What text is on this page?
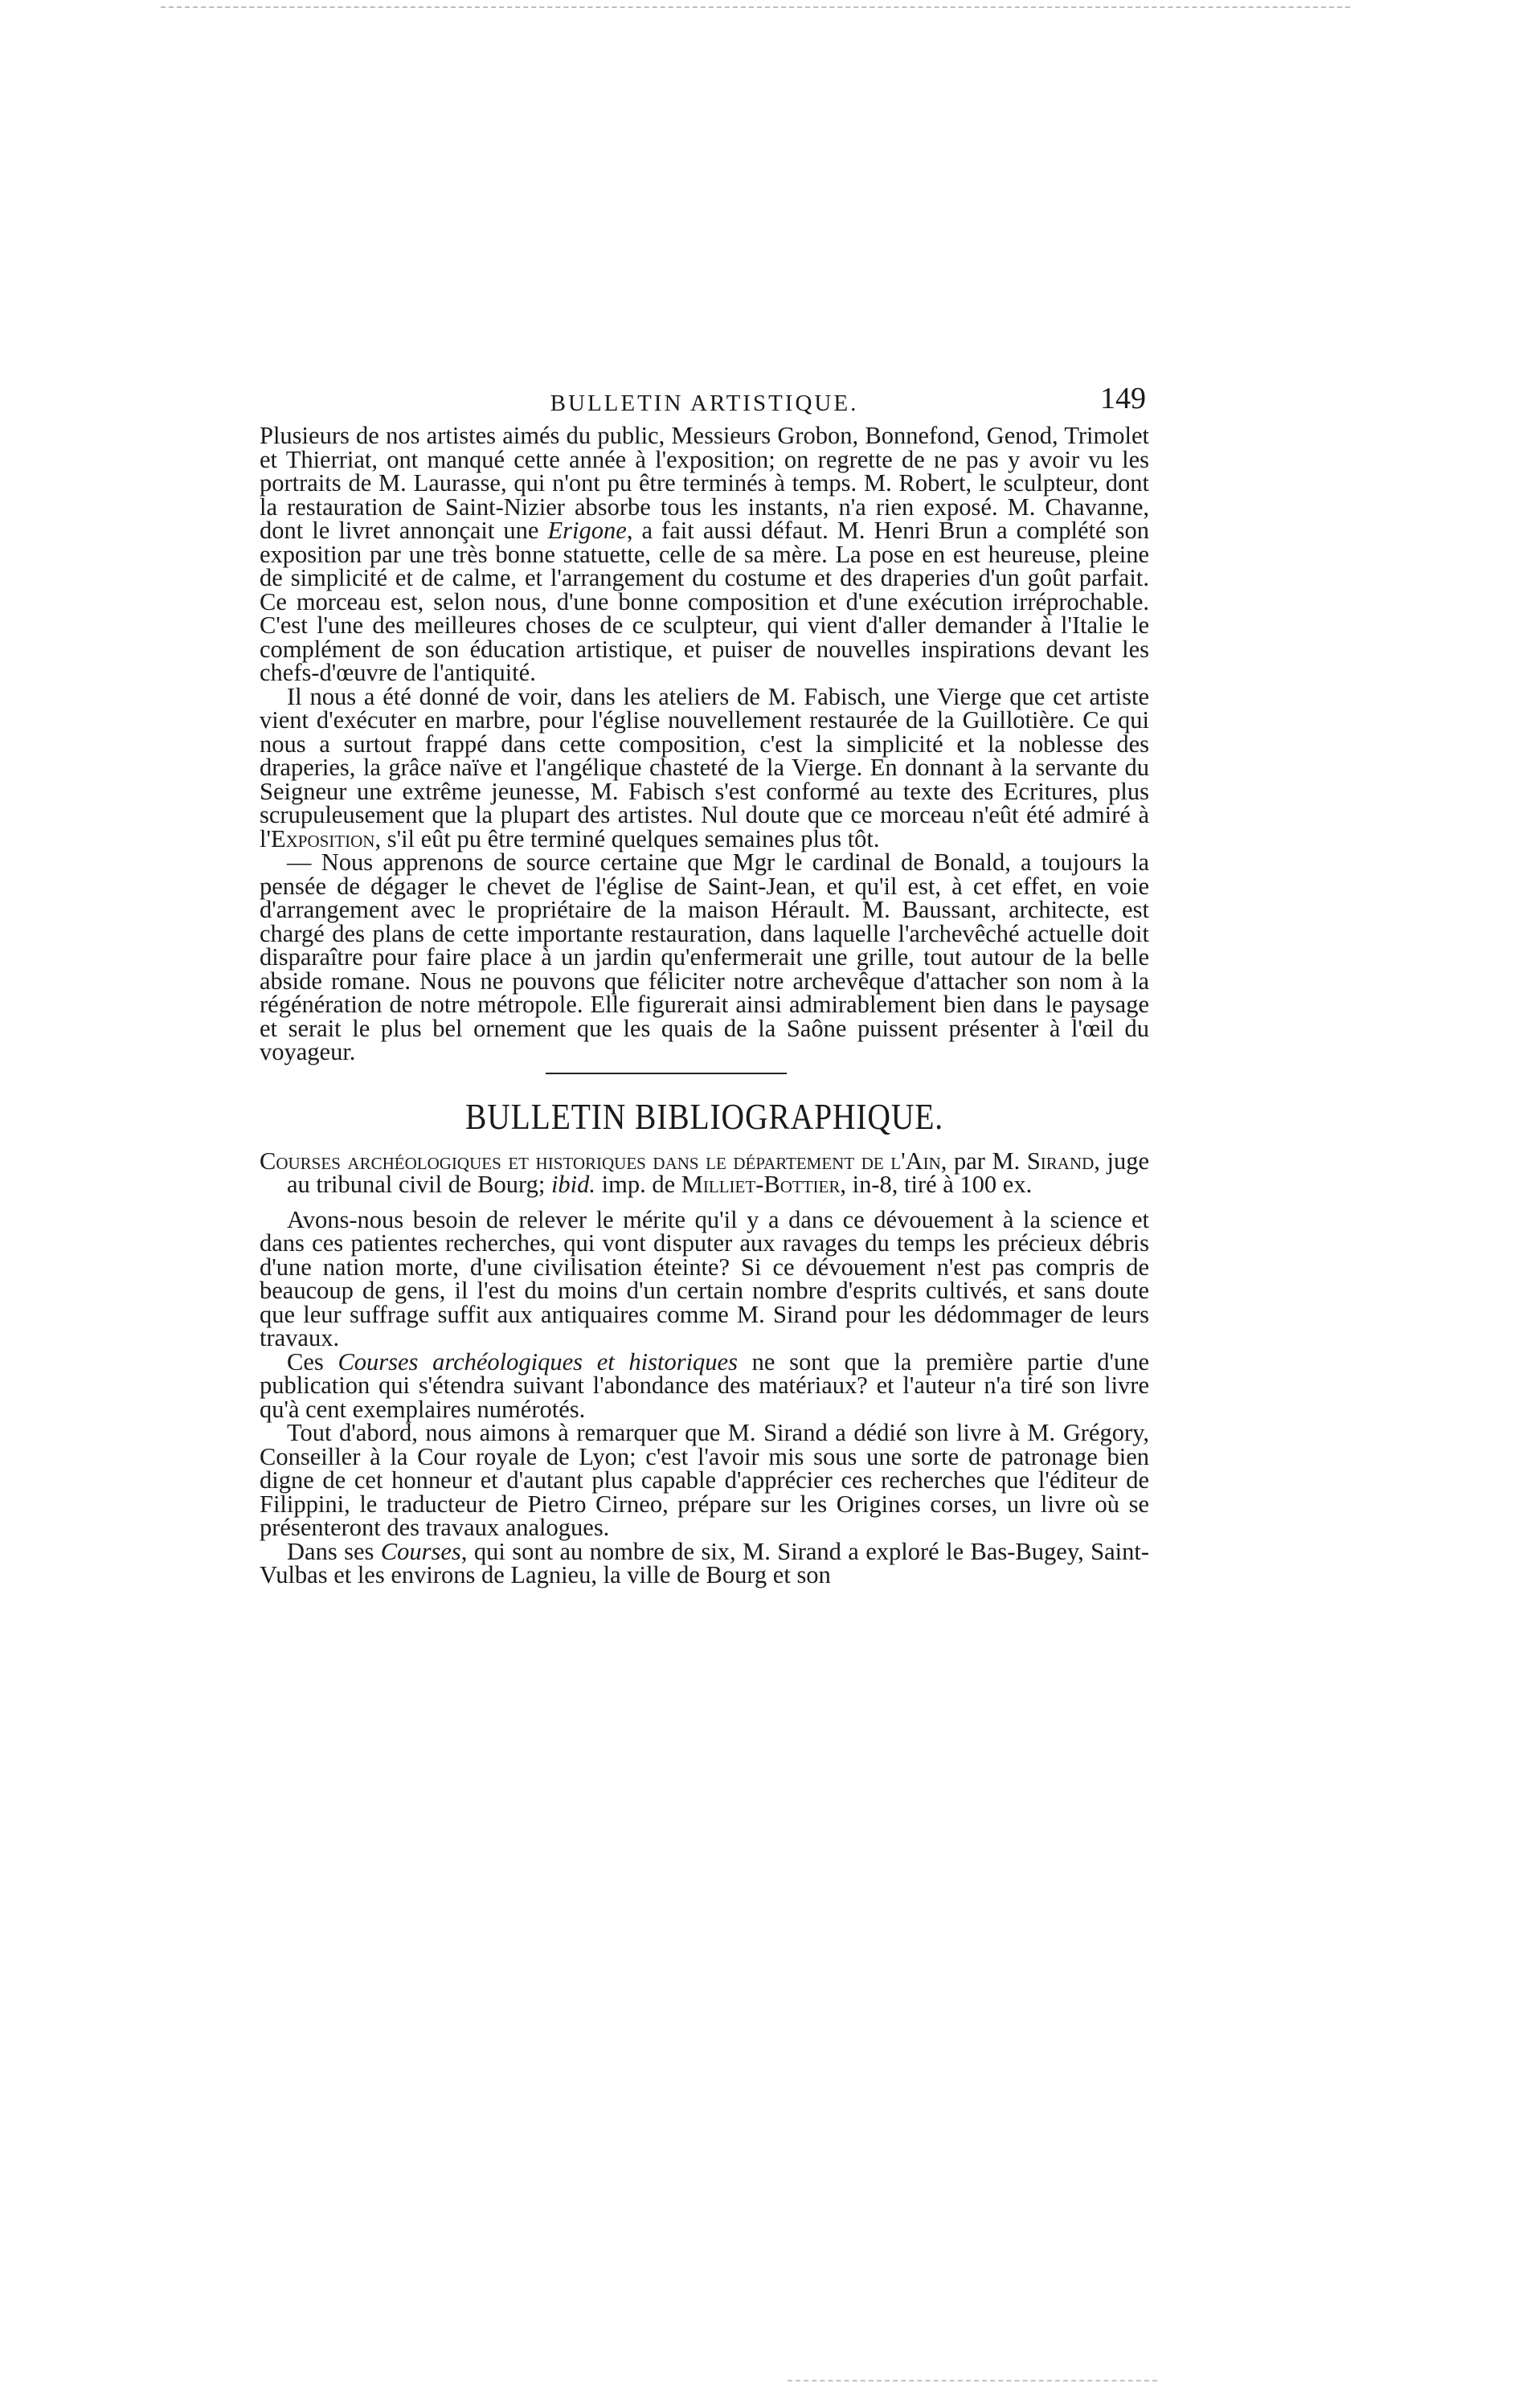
BULLETIN ARTISTIQUE.	149

Plusieurs de nos artistes aimés du public, Messieurs Grobon, Bonnefond, Genod, Trimolet et Thierriat, ont manqué cette année à l'exposition; on regrette de ne pas y avoir vu les portraits de M. Laurasse, qui n'ont pu être terminés à temps. M. Robert, le sculpteur, dont la restauration de Saint-Nizier absorbe tous les instants, n'a rien exposé. M. Chavanne, dont le livret annonçait une Erigone, a fait aussi défaut. M. Henri Brun a complété son exposition par une très bonne statuette, celle de sa mère. La pose en est heureuse, pleine de simplicité et de calme, et l'arrangement du costume et des draperies d'un goût parfait. Ce morceau est, selon nous, d'une bonne composition et d'une exécution irréprochable. C'est l'une des meilleures choses de ce sculpteur, qui vient d'aller demander à l'Italie le complément de son éducation artistique, et puiser de nouvelles inspirations devant les chefs-d'œuvre de l'antiquité.

Il nous a été donné de voir, dans les ateliers de M. Fabisch, une Vierge que cet artiste vient d'exécuter en marbre, pour l'église nouvellement restaurée de la Guillotière. Ce qui nous a surtout frappé dans cette composition, c'est la simplicité et la noblesse des draperies, la grâce naïve et l'angélique chasteté de la Vierge. En donnant à la servante du Seigneur une extrême jeunesse, M. Fabisch s'est conformé au texte des Ecritures, plus scrupuleusement que la plupart des artistes. Nul doute que ce morceau n'eût été admiré à l'Exposition, s'il eût pu être terminé quelques semaines plus tôt.

— Nous apprenons de source certaine que Mgr le cardinal de Bonald, a toujours la pensée de dégager le chevet de l'église de Saint-Jean, et qu'il est, à cet effet, en voie d'arrangement avec le propriétaire de la maison Hérault. M. Baussant, architecte, est chargé des plans de cette importante restauration, dans laquelle l'archevêché actuelle doit disparaître pour faire place à un jardin qu'enfermerait une grille, tout autour de la belle abside romane. Nous ne pouvons que féliciter notre archevêque d'attacher son nom à la régénération de notre métropole. Elle figurerait ainsi admirablement bien dans le paysage et serait le plus bel ornement que les quais de la Saône puissent présenter à l'œil du voyageur.

BULLETIN BIBLIOGRAPHIQUE.

Courses archéologiques et historiques dans le département de l'Ain, par M. Sirand, juge au tribunal civil de Bourg; ibid. imp. de Milliet-Bottier, in-8, tiré à 100 ex.

Avons-nous besoin de relever le mérite qu'il y a dans ce dévouement à la science et dans ces patientes recherches, qui vont disputer aux ravages du temps les précieux débris d'une nation morte, d'une civilisation éteinte? Si ce dévouement n'est pas compris de beaucoup de gens, il l'est du moins d'un certain nombre d'esprits cultivés, et sans doute que leur suffrage suffit aux antiquaires comme M. Sirand pour les dédommager de leurs travaux.

Ces Courses archéologiques et historiques ne sont que la première partie d'une publication qui s'étendra suivant l'abondance des matériaux? et l'auteur n'a tiré son livre qu'à cent exemplaires numérotés.

Tout d'abord, nous aimons à remarquer que M. Sirand a dédié son livre à M. Grégory, Conseiller à la Cour royale de Lyon; c'est l'avoir mis sous une sorte de patronage bien digne de cet honneur et d'autant plus capable d'apprécier ces recherches que l'éditeur de Filippini, le traducteur de Pietro Cirneo, prépare sur les Origines corses, un livre où se présenteront des travaux analogues.

Dans ses Courses, qui sont au nombre de six, M. Sirand a exploré le Bas-Bugey, Saint-Vulbas et les environs de Lagnieu, la ville de Bourg et son
